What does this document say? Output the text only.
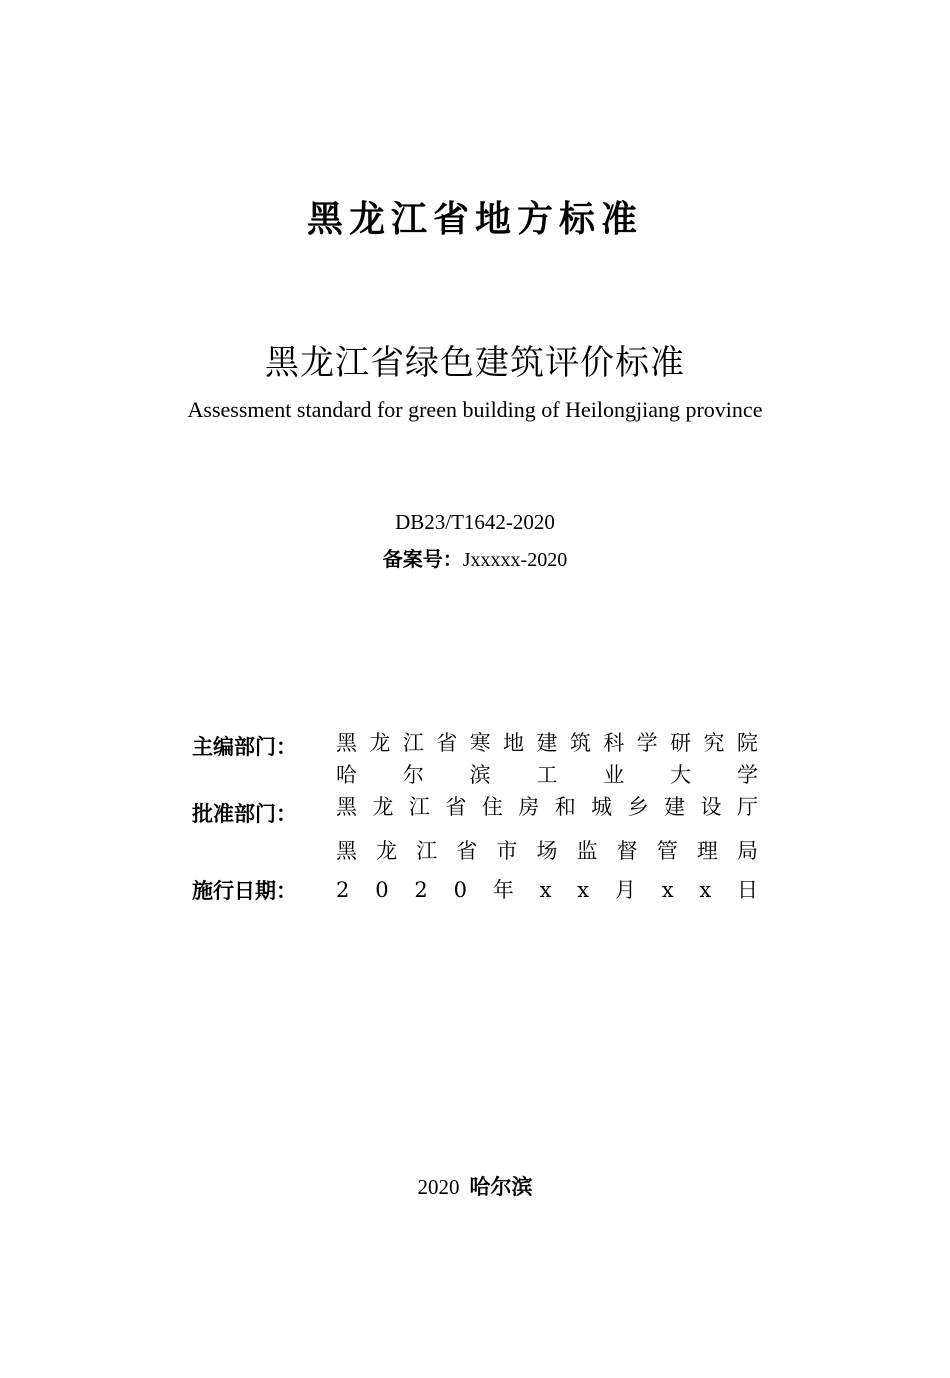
黑龙江省地方标准
黑龙江省绿色建筑评价标准
Assessment standard for green building of Heilongjiang province
DB23/T1642-2020
备案号：Jxxxxx-2020
主编部门：	黑 龙 江 省 寒 地 建 筑 科 学 研 究 院
哈 尔 滨 工 业 大 学
批准部门：	黑 龙 江 省 住 房 和 城 乡 建 设 厅
黑 龙 江 省 市 场 监 督 管 理 局
施行日期：	2 0 2 0 年 x x 月 x x 日
2020 哈尔滨
